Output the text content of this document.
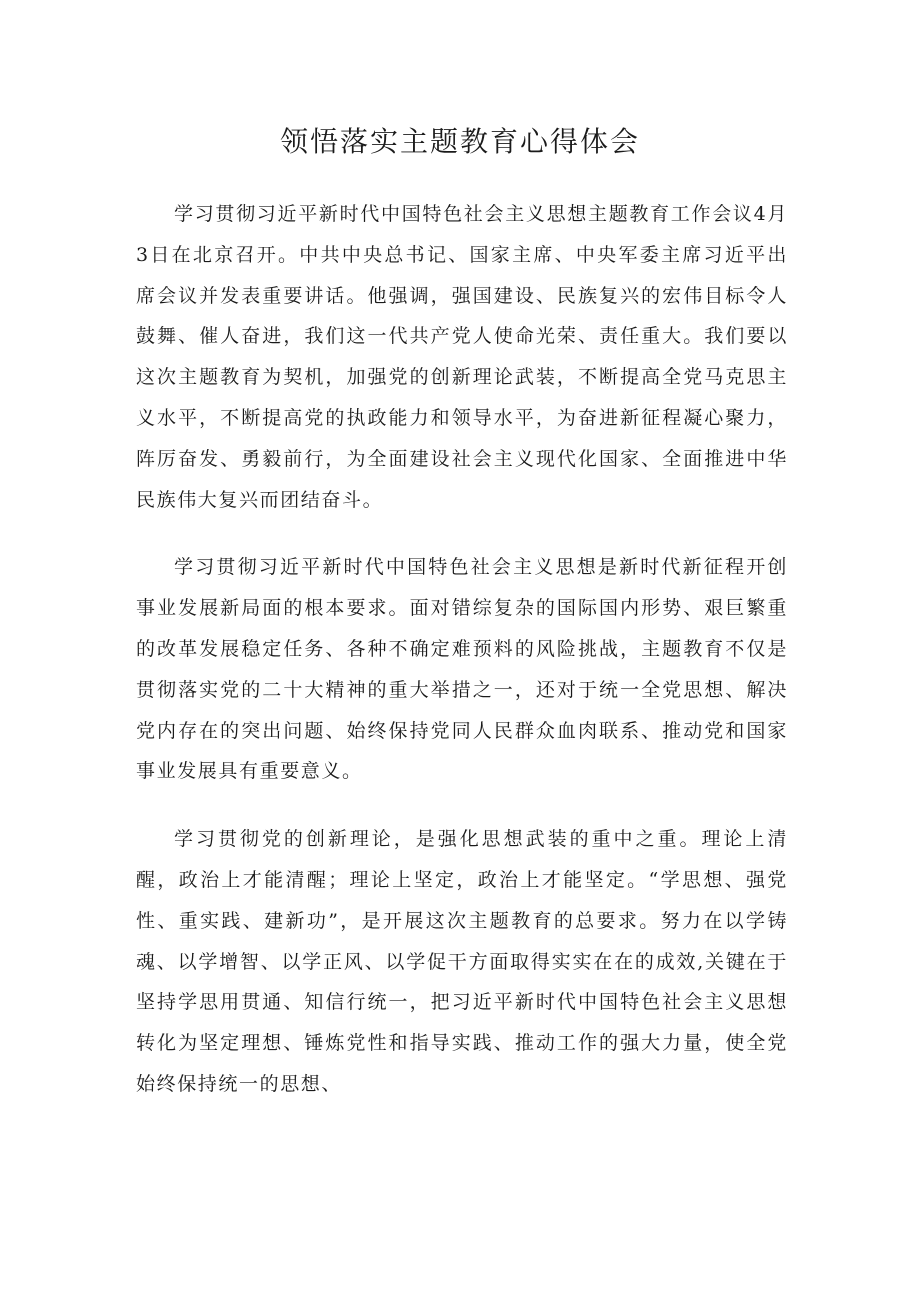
领悟落实主题教育心得体会

学习贯彻习近平新时代中国特色社会主义思想主题教育工作会议4月3日在北京召开。中共中央总书记、国家主席、中央军委主席习近平出席会议并发表重要讲话。他强调，强国建设、民族复兴的宏伟目标令人鼓舞、催人奋进，我们这一代共产党人使命光荣、责任重大。我们要以这次主题教育为契机，加强党的创新理论武装，不断提高全党马克思主义水平，不断提高党的执政能力和领导水平，为奋进新征程凝心聚力，阵厉奋发、勇毅前行，为全面建设社会主义现代化国家、全面推进中华民族伟大复兴而团结奋斗。

学习贯彻习近平新时代中国特色社会主义思想是新时代新征程开创事业发展新局面的根本要求。面对错综复杂的国际国内形势、艰巨繁重的改革发展稳定任务、各种不确定难预料的风险挑战，主题教育不仅是贯彻落实党的二十大精神的重大举措之一，还对于统一全党思想、解决党内存在的突出问题、始终保持党同人民群众血肉联系、推动党和国家事业发展具有重要意义。

学习贯彻党的创新理论，是强化思想武装的重中之重。理论上清醒，政治上才能清醒；理论上坚定，政治上才能坚定。“学思想、强党性、重实践、建新功”，是开展这次主题教育的总要求。努力在以学铸魂、以学增智、以学正风、以学促干方面取得实实在在的成效,关键在于坚持学思用贯通、知信行统一，把习近平新时代中国特色社会主义思想转化为坚定理想、锤炼党性和指导实践、推动工作的强大力量，使全党始终保持统一的思想、
